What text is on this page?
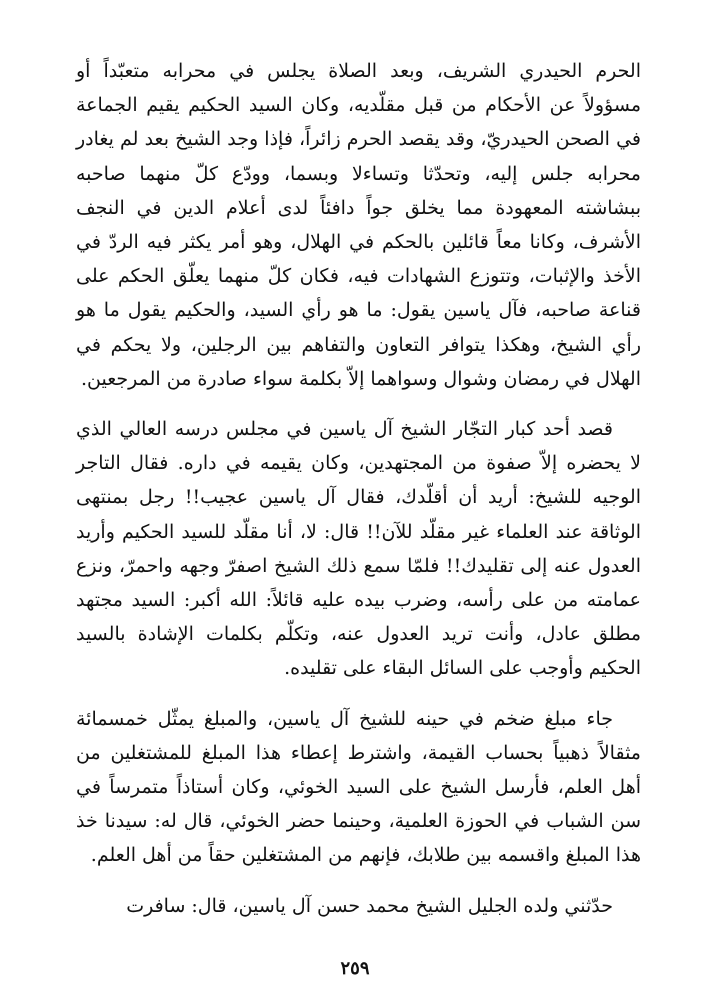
الحرم الحيدري الشريف، وبعد الصلاة يجلس في محرابه متعبّداً أو مسؤولاً عن الأحكام من قبل مقلّديه، وكان السيد الحكيم يقيم الجماعة في الصحن الحيدريّ، وقد يقصد الحرم زائراً، فإذا وجد الشيخ بعد لم يغادر محرابه جلس إليه، وتحدّثا وتساءلا وبسما، وودّع كلّ منهما صاحبه ببشاشته المعهودة مما يخلق جواً دافئاً لدى أعلام الدين في النجف الأشرف، وكانا معاً قائلين بالحكم في الهلال، وهو أمر يكثر فيه الردّ في الأخذ والإثبات، وتتوزع الشهادات فيه، فكان كلّ منهما يعلّق الحكم على قناعة صاحبه، فآل ياسين يقول: ما هو رأي السيد، والحكيم يقول ما هو رأي الشيخ، وهكذا يتوافر التعاون والتفاهم بين الرجلين، ولا يحكم في الهلال في رمضان وشوال وسواهما إلاّ بكلمة سواء صادرة من المرجعين.

قصد أحد كبار التجّار الشيخ آل ياسين في مجلس درسه العالي الذي لا يحضره إلاّ صفوة من المجتهدين، وكان يقيمه في داره. فقال التاجر الوجيه للشيخ: أريد أن أقلّدك، فقال آل ياسين عجيب!! رجل بمنتهى الوثاقة عند العلماء غير مقلّد للآن!! قال: لا، أنا مقلّد للسيد الحكيم وأريد العدول عنه إلى تقليدك!! فلمّا سمع ذلك الشيخ اصفرّ وجهه واحمرّ، ونزع عمامته من على رأسه، وضرب بيده عليه قائلاً: الله أكبر: السيد مجتهد مطلق عادل، وأنت تريد العدول عنه، وتكلّم بكلمات الإشادة بالسيد الحكيم وأوجب على السائل البقاء على تقليده.

جاء مبلغ ضخم في حينه للشيخ آل ياسين، والمبلغ يمثّل خمسمائة مثقالاً ذهبياً بحساب القيمة، واشترط إعطاء هذا المبلغ للمشتغلين من أهل العلم، فأرسل الشيخ على السيد الخوئي، وكان أستاذاً متمرساً في سن الشباب في الحوزة العلمية، وحينما حضر الخوئي، قال له: سيدنا خذ هذا المبلغ واقسمه بين طلابك، فإنهم من المشتغلين حقاً من أهل العلم.

حدّثني ولده الجليل الشيخ محمد حسن آل ياسين، قال: سافرت

٢٥٩
